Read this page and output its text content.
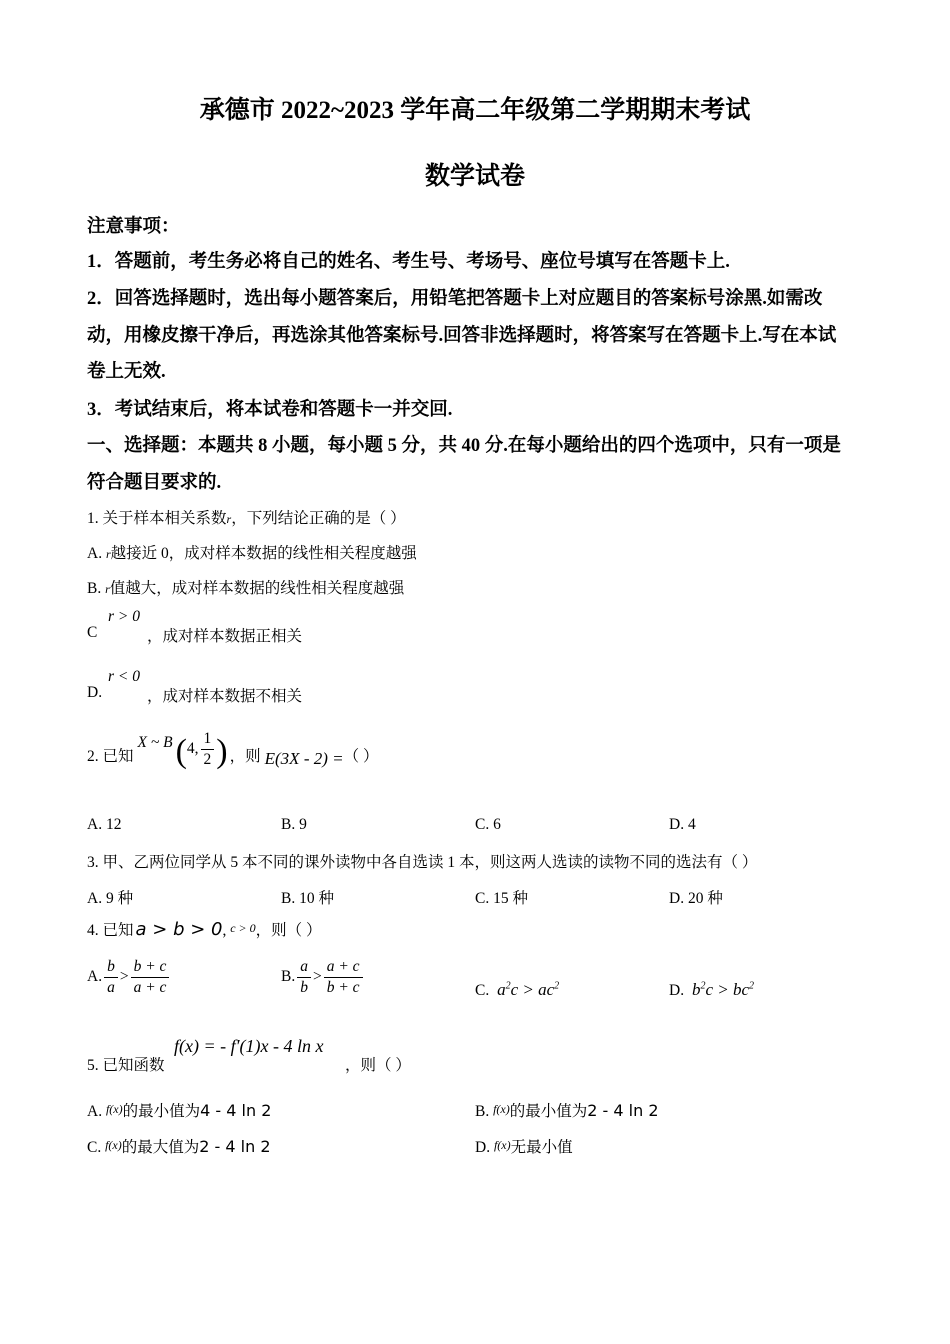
承德市 2022~2023 学年高二年级第二学期期末考试
数学试卷
注意事项：
1．答题前，考生务必将自己的姓名、考生号、考场号、座位号填写在答题卡上.
2．回答选择题时，选出每小题答案后，用铅笔把答题卡上对应题目的答案标号涂黑.如需改
动，用橡皮擦干净后，再选涂其他答案标号.回答非选择题时，将答案写在答题卡上.写在本试
卷上无效.
3．考试结束后，将本试卷和答题卡一并交回.
一、选择题：本题共 8 小题，每小题 5 分，共 40 分.在每小题给出的四个选项中，只有一项是
符合题目要求的.
1. 关于样本相关系数r，下列结论正确的是（ ）
A. r越接近 0，成对样本数据的线性相关程度越强
B. r值越大，成对样本数据的线性相关程度越强
C
r > 0
，成对样本数据正相关
D.
r < 0
，成对样本数据不相关
2. 已知
X ~ B ( 4, $\frac{1}{2}$ ) ，则 E(3X - 2) = （ ）
A. 12	B. 9	C. 6	D. 4
3. 甲、乙两位同学从 5 本不同的课外读物中各自选读 1 本，则这两人选读的读物不同的选法有（ ）
A. 9 种	B. 10 种	C. 15 种	D. 20 种
4. 已知 a > b > 0, c > 0，则（ ）
A. $\frac{b}{a} > \frac{b + c}{a + c}$	B. $\frac{a}{b} > \frac{a + c}{b + c}$	C. $a^2c > ac^2$	D. $b^2c > bc^2$
5. 已知函数
f(x) = - f′(1)x - 4 ln x
，则（ ）
A. f(x)的最小值为4 - 4 ln 2	B. f(x)的最小值为2 - 4 ln 2
C. f(x)的最大值为2 - 4 ln 2	D. f(x)无最小值
